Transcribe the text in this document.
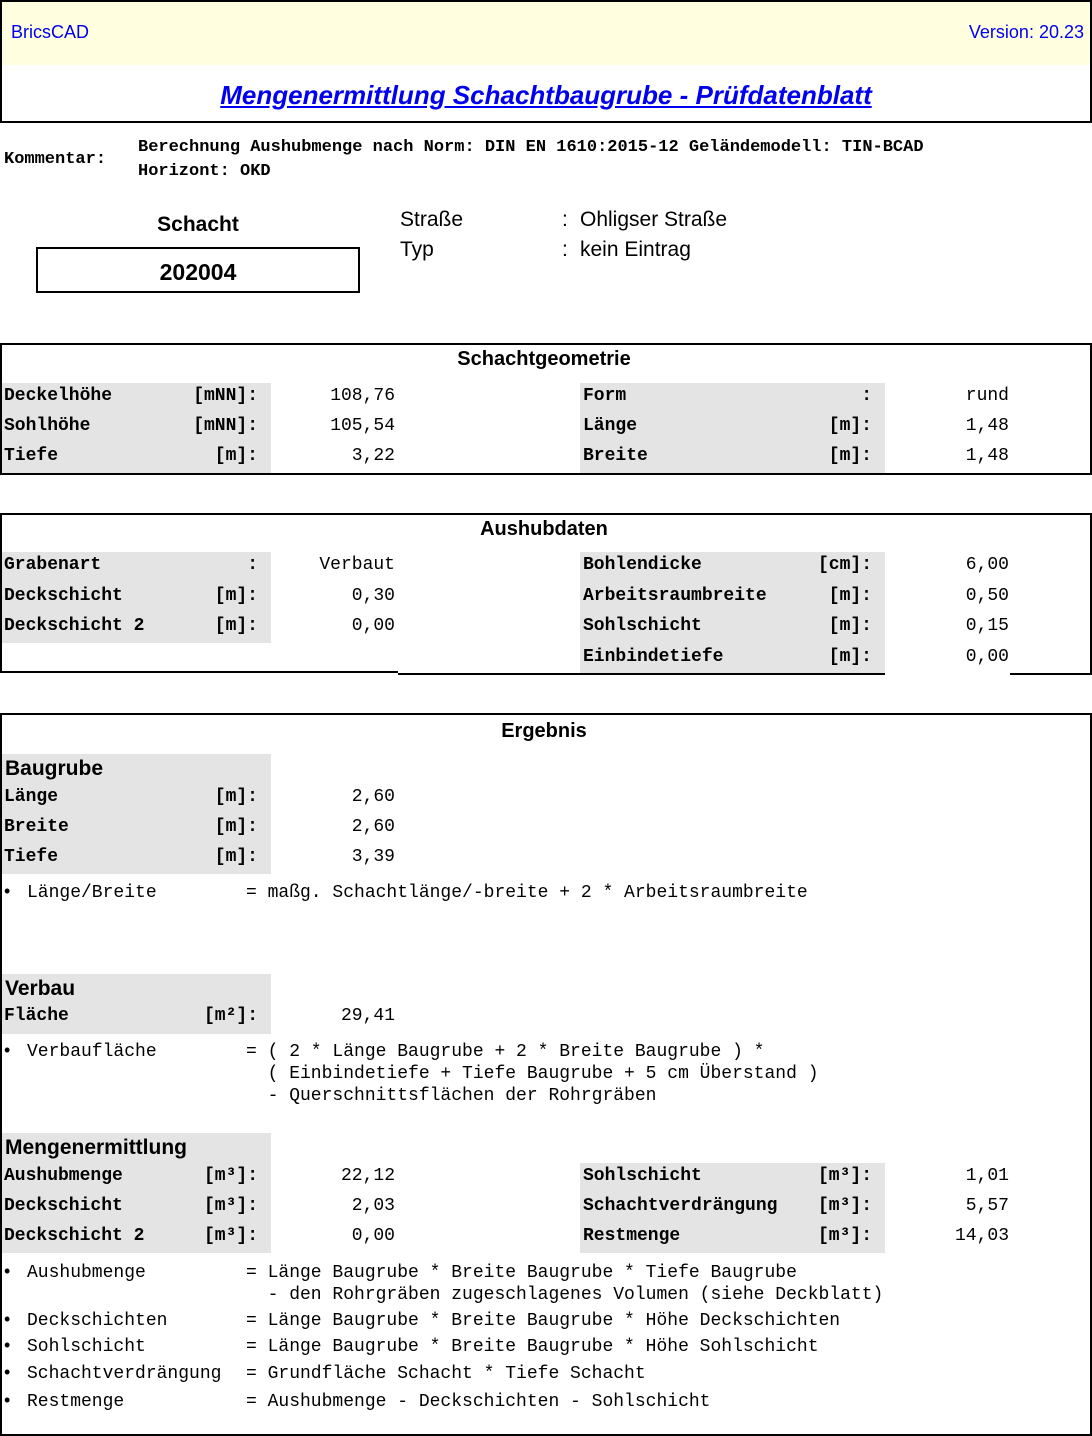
BricsCAD	Version: 20.23
Mengenermittlung Schachtbaugrube - Prüfdatenblatt
Kommentar:
Berechnung Aushubmenge nach Norm: DIN EN 1610:2015-12 Geländemodell: TIN-BCAD
Horizont: OKD
Schacht
202004
Straße	: Ohligser Straße
Typ	: kein Eintrag
Schachtgeometrie
Aushubdaten
Ergebnis
Baugrube
Verbau
Mengenermittlung
Deckelhöhe	[mNN]:	108,76
Sohlhöhe	[mNN]:	105,54
Tiefe	[m]:	3,22
Form	:	rund
Länge	[m]:	1,48
Breite	[m]:	1,48
Grabenart	:	Verbaut
Deckschicht	[m]:	0,30
Deckschicht 2	[m]:	0,00
Bohlendicke	[cm]:	6,00
Arbeitsraumbreite	[m]:	0,50
Sohlschicht	[m]:	0,15
Einbindetiefe	[m]:	0,00
Länge	[m]:	2,60
Breite	[m]:	2,60
Tiefe	[m]:	3,39
• Länge/Breite	= maßg. Schachtlänge/-breite + 2 * Arbeitsraumbreite
Fläche	[m²]:	29,41
• Verbaufläche	= ( 2 * Länge Baugrube + 2 * Breite Baugrube ) *
( Einbindetiefe + Tiefe Baugrube + 5 cm Überstand )
- Querschnittsflächen der Rohrgräben
Aushubmenge	[m³]:	22,12
Deckschicht	[m³]:	2,03
Deckschicht 2	[m³]:	0,00
Sohlschicht	[m³]:	1,01
Schachtverdrängung	[m³]:	5,57
Restmenge	[m³]:	14,03
• Aushubmenge	= Länge Baugrube * Breite Baugrube * Tiefe Baugrube
- den Rohrgräben zugeschlagenes Volumen (siehe Deckblatt)
• Deckschichten	= Länge Baugrube * Breite Baugrube * Höhe Deckschichten
• Sohlschicht	= Länge Baugrube * Breite Baugrube * Höhe Sohlschicht
• Schachtverdrängung = Grundfläche Schacht * Tiefe Schacht
• Restmenge	= Aushubmenge - Deckschichten - Sohlschicht
